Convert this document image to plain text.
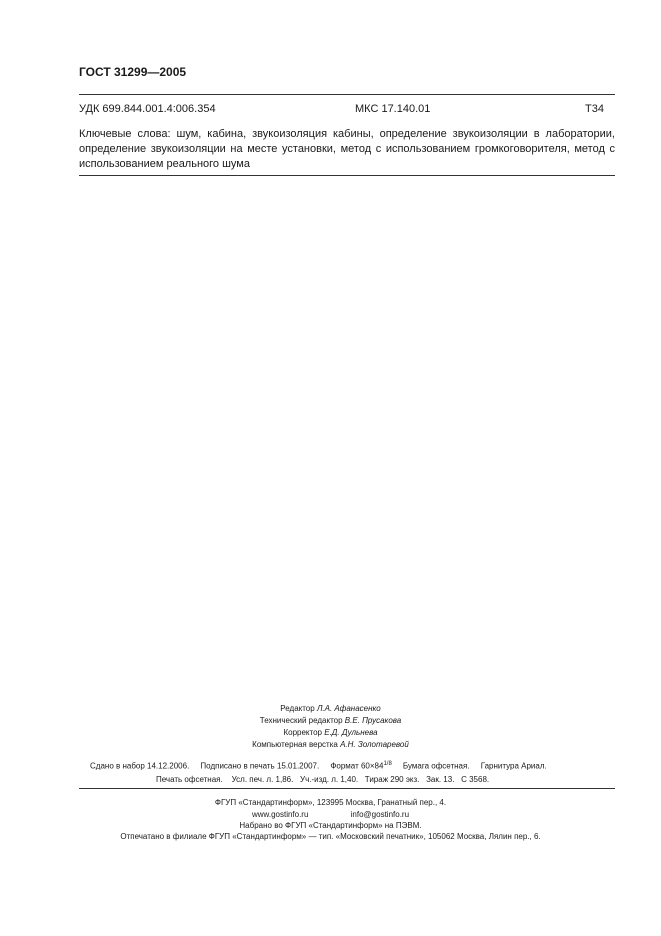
ГОСТ 31299—2005
УДК 699.844.001.4:006.354	МКС 17.140.01	Т34
Ключевые слова: шум, кабина, звукоизоляция кабины, определение звукоизоляции в лаборатории,
определение звукоизоляции на месте установки, метод с использованием громкоговорителя, метод с
использованием реального шума
Редактор Л.А. Афанасенко
Технический редактор В.Е. Прусакова
Корректор Е.Д. Дульнева
Компьютерная верстка А.Н. Золотаревой
Сдано в набор 14.12.2006. Подписано в печать 15.01.2007. Формат $60\times 84^{1/8}$ Бумага офсетная. Гарнитура Ариал.
Печать офсетная. Усл. печ. л. 1,86. Уч.-изд. л. 1,40. Тираж 290 экз. Зак. 13. С 3568.
ФГУП «Стандартинформ», 123995 Москва, Гранатный пер., 4.
www.gostinfo.ru	info@gostinfo.ru
Набрано во ФГУП «Стандартинформ» на ПЭВМ.
Отпечатано в филиале ФГУП «Стандартинформ» — тип. «Московский печатник», 105062 Москва, Лялин пер., 6.
